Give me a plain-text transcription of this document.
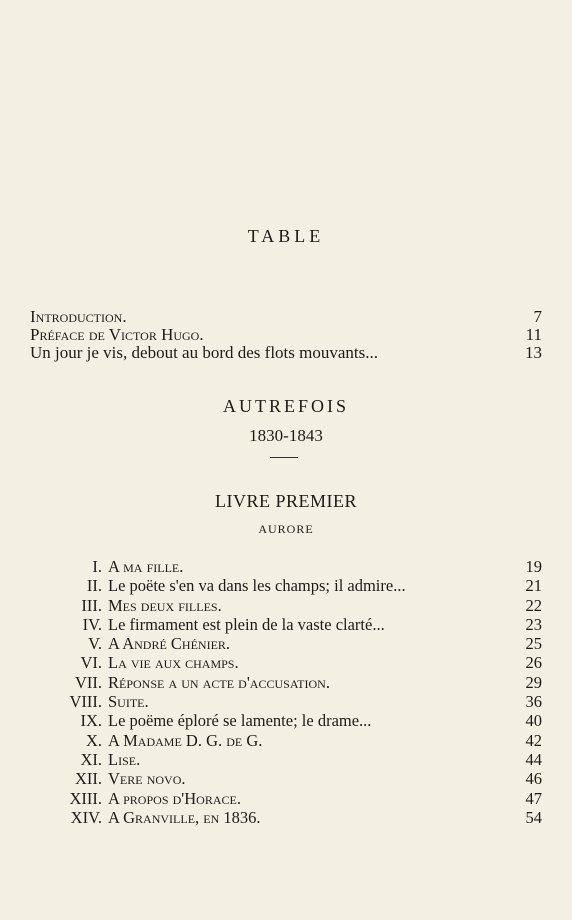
TABLE
Introduction.	7
Préface de Victor Hugo.	11
Un jour je vis, debout au bord des flots mouvants...	13
AUTREFOIS
1830-1843
LIVRE PREMIER
AURORE
I. A ma fille.	19
II. Le poëte s'en va dans les champs; il admire...	21
III. Mes deux filles.	22
IV. Le firmament est plein de la vaste clarté...	23
V. A André Chénier.	25
VI. La vie aux champs.	26
VII. Réponse a un acte d'accusation.	29
VIII. Suite.	36
IX. Le poëme éploré se lamente; le drame...	40
X. A Madame D. G. de G.	42
XI. Lise.	44
XII. Vere novo.	46
XIII. A propos d'Horace.	47
XIV. A Granville, en 1836.	54
